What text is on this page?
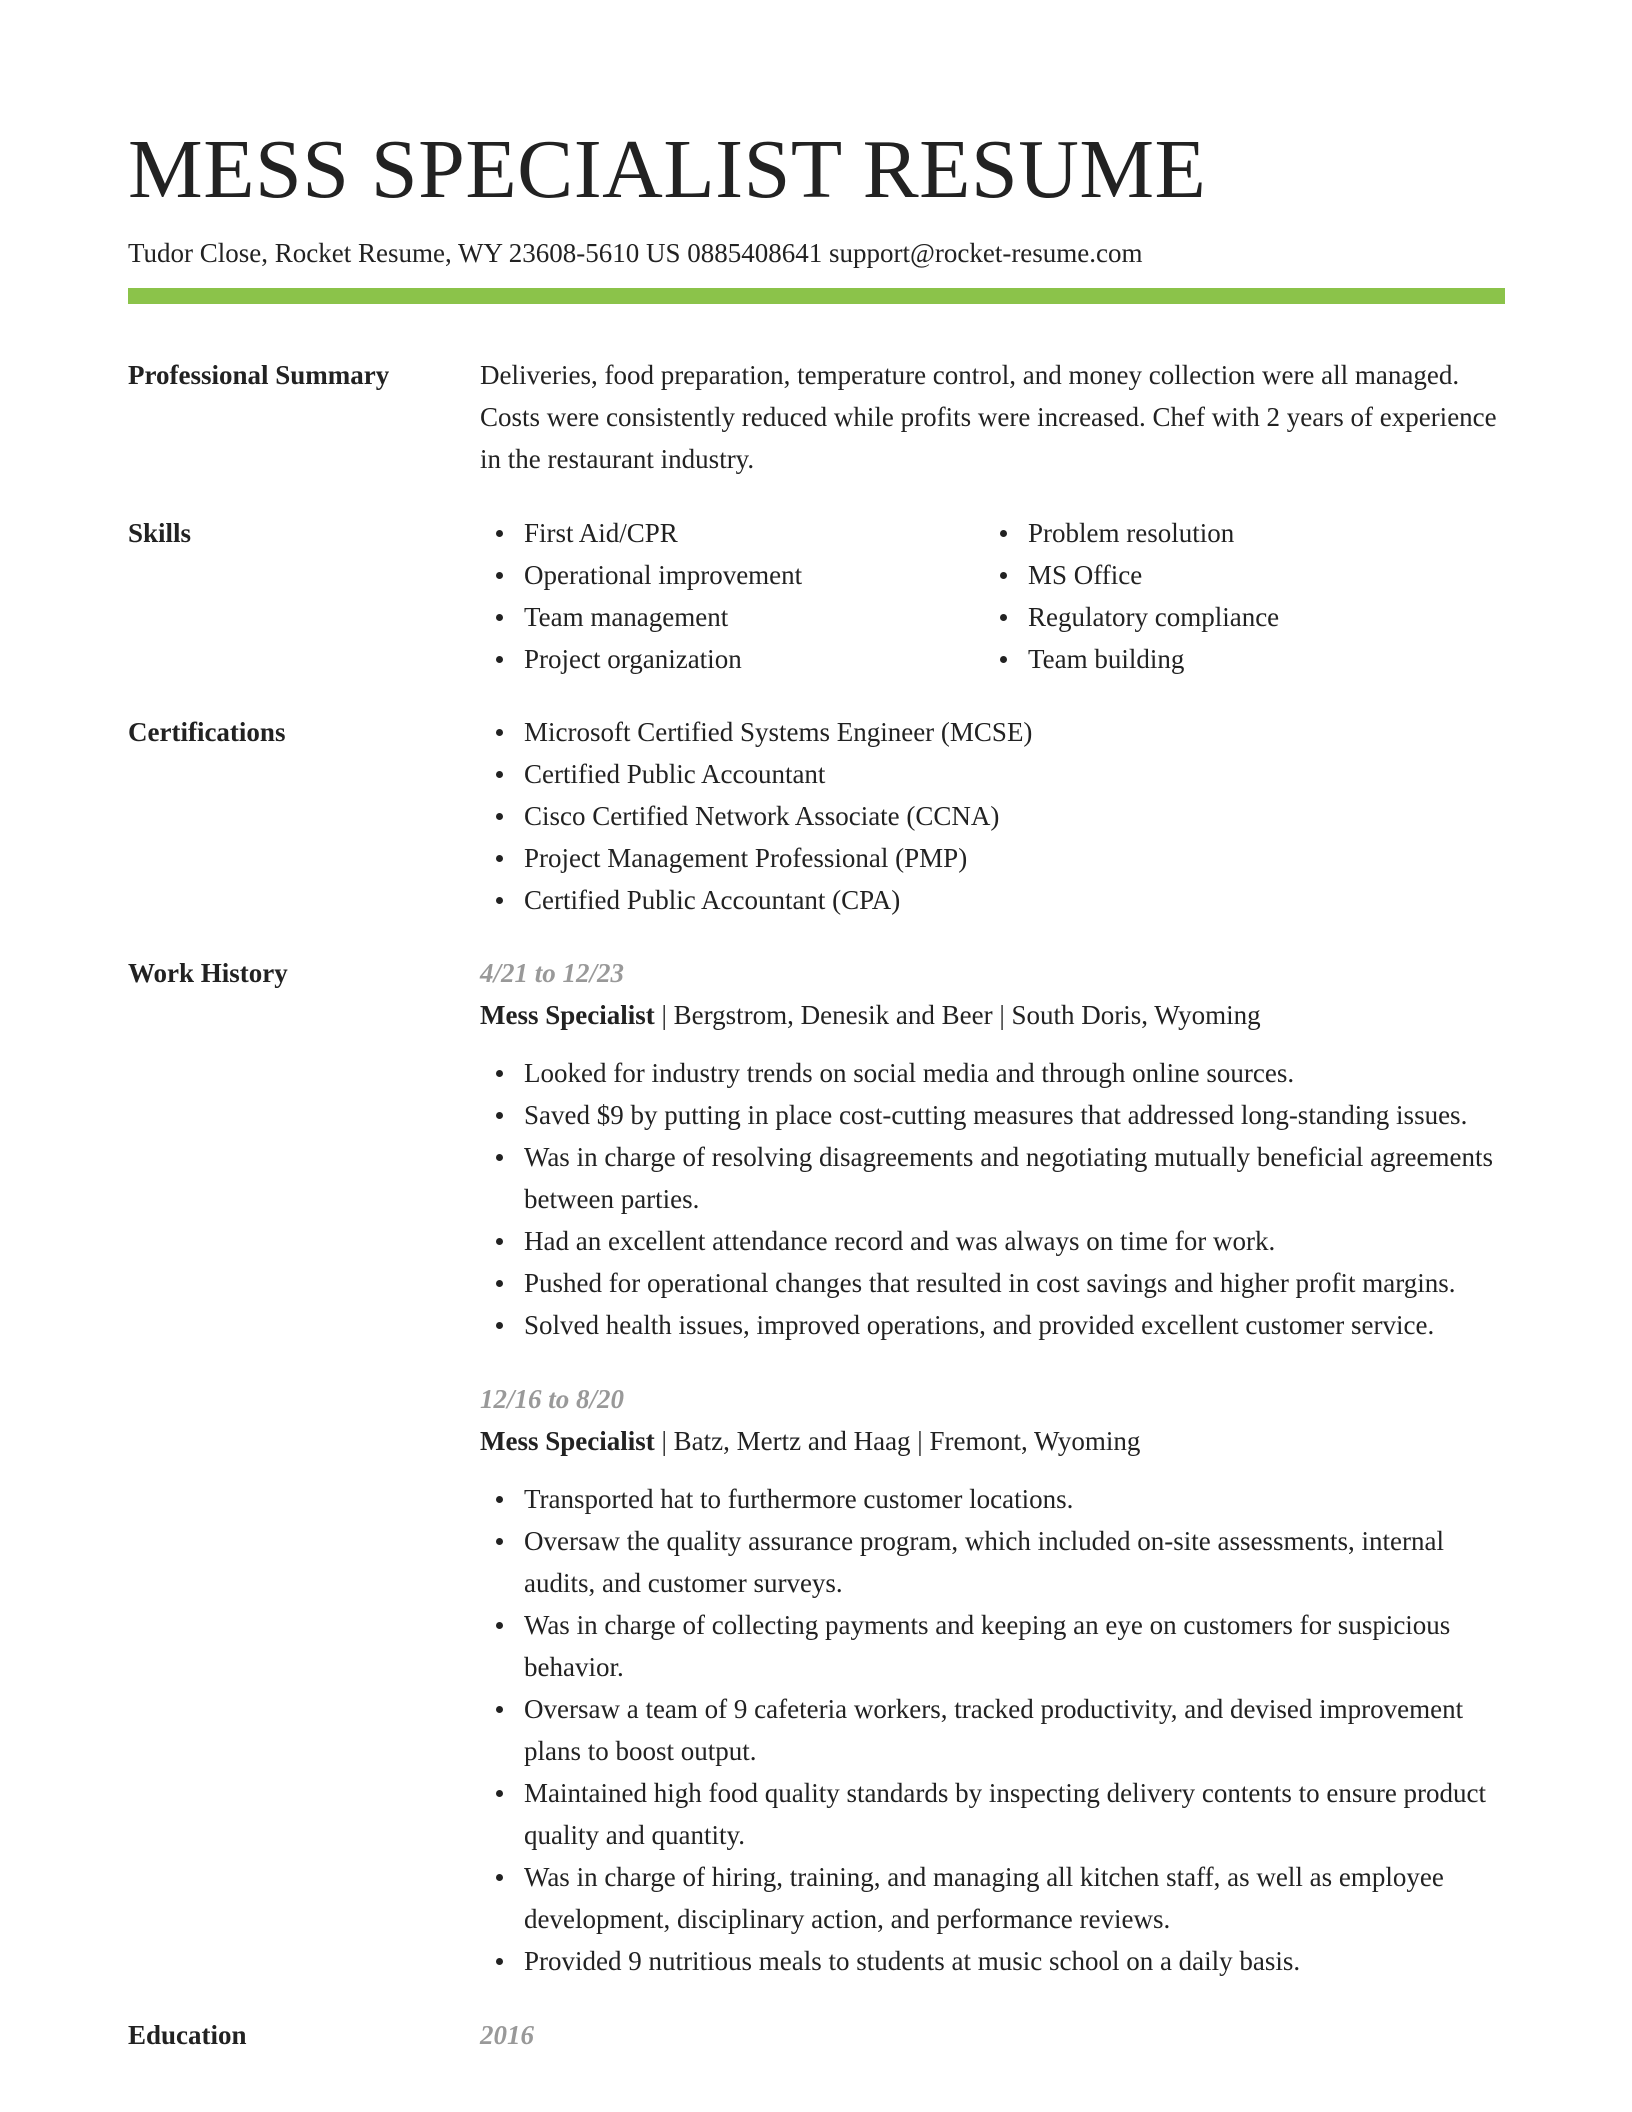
MESS SPECIALIST RESUME
Tudor Close, Rocket Resume, WY 23608-5610 US 0885408641 support@rocket-resume.com
Professional Summary	Deliveries, food preparation, temperature control, and money collection were all managed. Costs were consistently reduced while profits were increased. Chef with 2 years of experience in the restaurant industry.

Skills	First Aid/CPR
Operational improvement
Team management
Project organization
Problem resolution
MS Office
Regulatory compliance
Team building
Certifications	Microsoft Certified Systems Engineer (MCSE)
Certified Public Accountant
Cisco Certified Network Associate (CCNA)
Project Management Professional (PMP)
Certified Public Accountant (CPA)
Work History	4/21 to 12/23
Mess Specialist | Bergstrom, Denesik and Beer | South Doris, Wyoming
Looked for industry trends on social media and through online sources.
Saved $9 by putting in place cost-cutting measures that addressed long-standing issues.
Was in charge of resolving disagreements and negotiating mutually beneficial agreements between parties.
Had an excellent attendance record and was always on time for work.
Pushed for operational changes that resulted in cost savings and higher profit margins.
Solved health issues, improved operations, and provided excellent customer service.
12/16 to 8/20
Mess Specialist | Batz, Mertz and Haag | Fremont, Wyoming
Transported hat to furthermore customer locations.
Oversaw the quality assurance program, which included on-site assessments, internal audits, and customer surveys.
Was in charge of collecting payments and keeping an eye on customers for suspicious behavior.
Oversaw a team of 9 cafeteria workers, tracked productivity, and devised improvement plans to boost output.
Maintained high food quality standards by inspecting delivery contents to ensure product quality and quantity.
Was in charge of hiring, training, and managing all kitchen staff, as well as employee development, disciplinary action, and performance reviews.
Provided 9 nutritious meals to students at music school on a daily basis.
Education	2016
